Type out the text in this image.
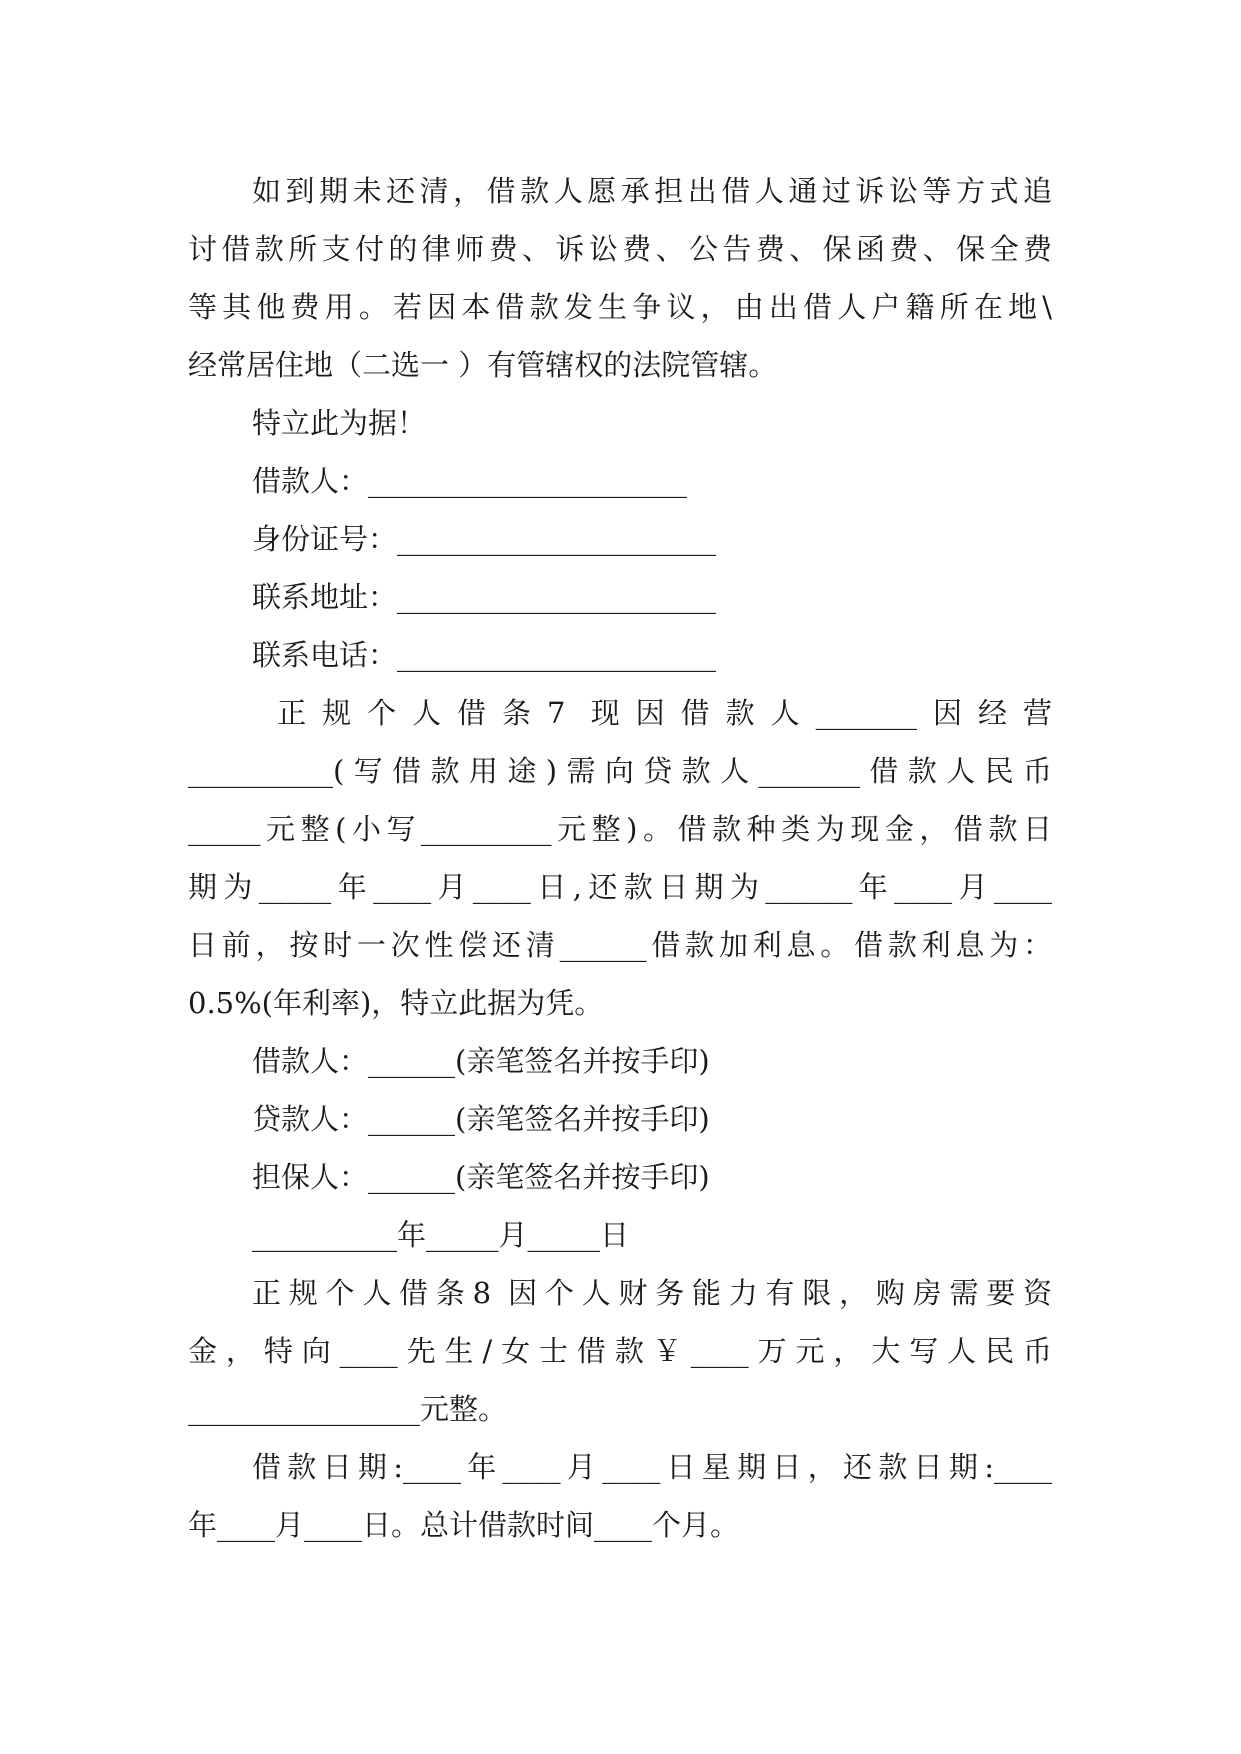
如到期未还清，借款人愿承担出借人通过诉讼等方式追
讨借款所支付的律师费、诉讼费、公告费、保函费、保全费
等其他费用。若因本借款发生争议，由出借人户籍所在地\
经常居住地（二选一 ）有管辖权的法院管辖。
特立此为据！
借款人：______________________
身份证号：______________________
联系地址：______________________
联系电话：______________________
正规个人借条7 现因借款人_______因经营
__________(写借款用途)需向贷款人_______借款人民币
_____元整(小写_________元整)。借款种类为现金，借款日
期为_____年____月____日,还款日期为______年____月____
日前，按时一次性偿还清______借款加利息。借款利息为：
0.5%(年利率)，特立此据为凭。
借款人：______(亲笔签名并按手印)
贷款人：______(亲笔签名并按手印)
担保人：______(亲笔签名并按手印)
__________年_____月_____日
正规个人借条8 因个人财务能力有限，购房需要资
金，特向____先生/女士借款￥____万元，大写人民币
________________元整。
借款日期:____年____月____日星期日，还款日期:____
年____月____日。总计借款时间____个月。
